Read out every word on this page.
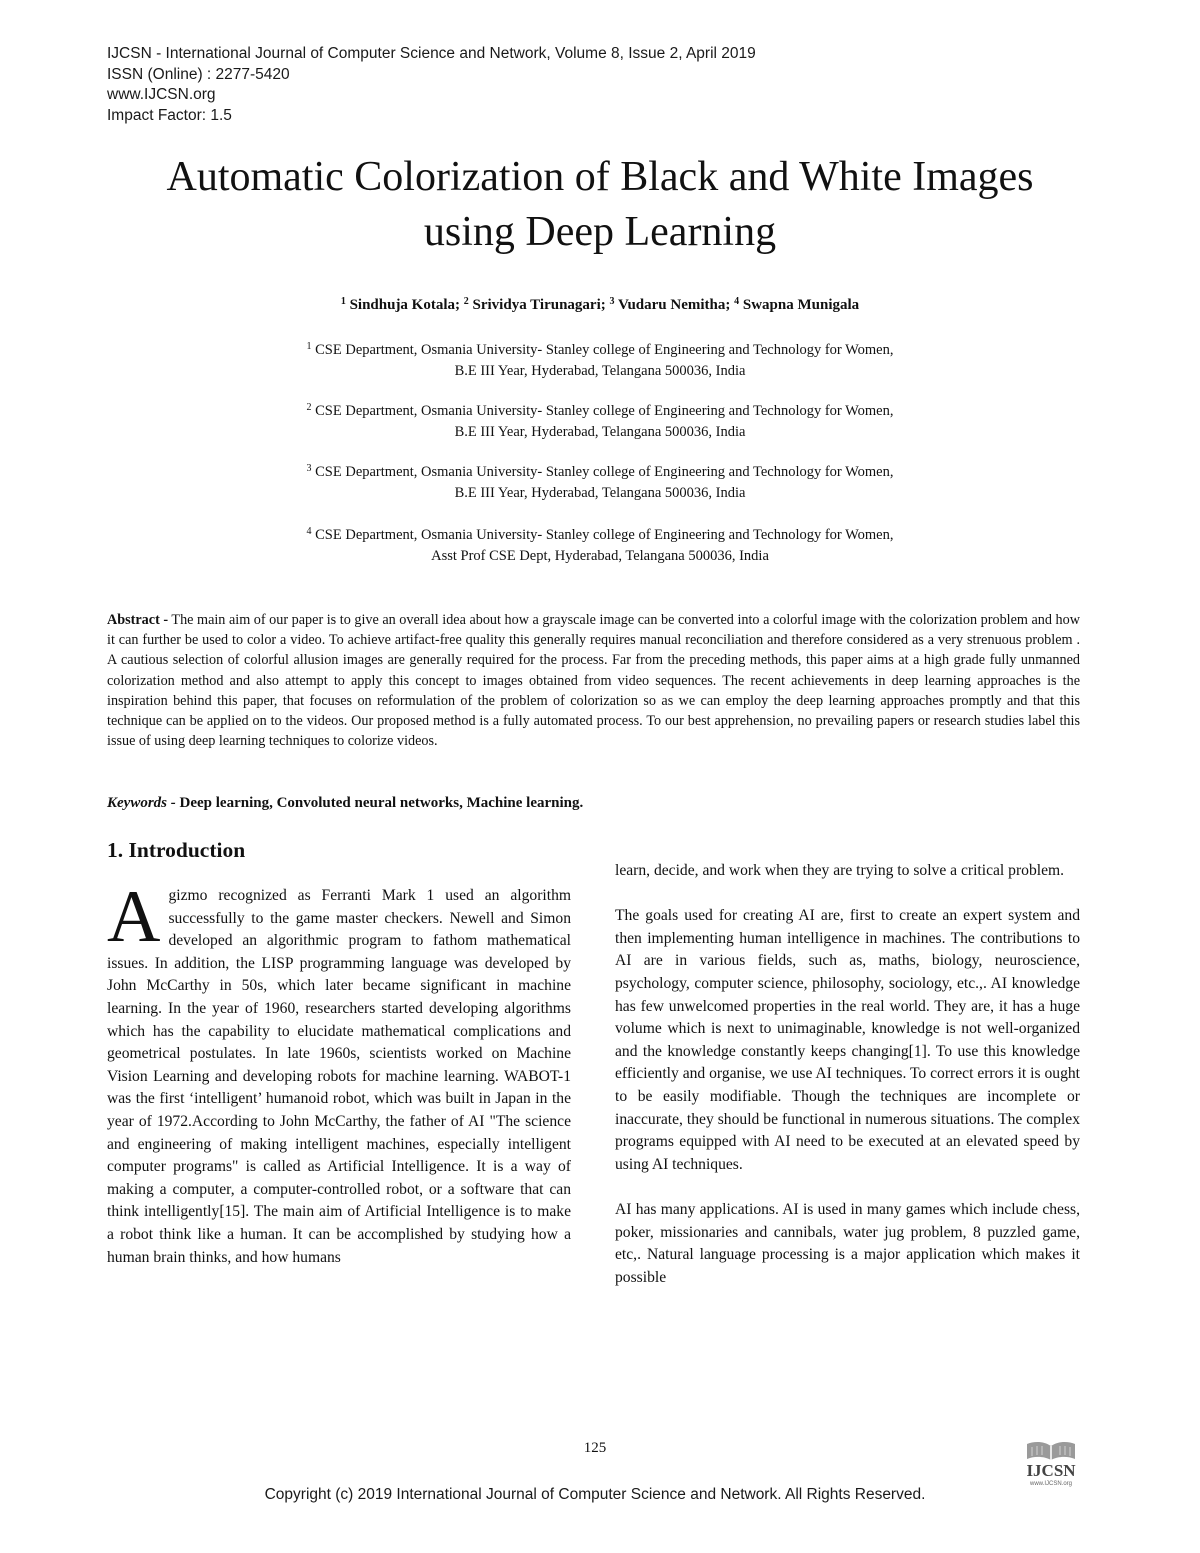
IJCSN - International Journal of Computer Science and Network, Volume 8, Issue 2, April 2019
ISSN (Online) : 2277-5420
www.IJCSN.org
Impact Factor: 1.5
Automatic Colorization of Black and White Images
using Deep Learning
$^1$ Sindhuja Kotala; $^2$ Srividya Tirunagari; $^3$ Vudaru Nemitha; $^4$ Swapna Munigala
$^1$ CSE Department, Osmania University- Stanley college of Engineering and Technology for Women,
B.E III Year, Hyderabad, Telangana 500036, India
$^2$ CSE Department, Osmania University- Stanley college of Engineering and Technology for Women,
B.E III Year, Hyderabad, Telangana 500036, India
$^3$ CSE Department, Osmania University- Stanley college of Engineering and Technology for Women,
B.E III Year, Hyderabad, Telangana 500036, India
$^4$ CSE Department, Osmania University- Stanley college of Engineering and Technology for Women,
Asst Prof CSE Dept, Hyderabad, Telangana 500036, India
Abstract - The main aim of our paper is to give an overall idea about how a grayscale image can be converted into a colorful image with the colorization problem and how it can further be used to color a video. To achieve artifact-free quality this generally requires manual reconciliation and therefore considered as a very strenuous problem . A cautious selection of colorful allusion images are generally required for the process. Far from the preceding methods, this paper aims at a high grade fully unmanned colorization method and also attempt to apply this concept to images obtained from video sequences. The recent achievements in deep learning approaches is the inspiration behind this paper, that focuses on reformulation of the problem of colorization so as we can employ the deep learning approaches promptly and that this technique can be applied on to the videos. Our proposed method is a fully automated process. To our best apprehension, no prevailing papers or research studies label this issue of using deep learning techniques to colorize videos.
Keywords - Deep learning, Convoluted neural networks, Machine learning.
1. Introduction

Agizmo recognized as Ferranti Mark 1 used an algorithm successfully to the game master checkers. Newell and Simon developed an algorithmic program to fathom mathematical issues. In addition, the LISP programming language was developed by John McCarthy in 50s, which later became significant in machine learning. In the year of 1960, researchers started developing algorithms which has the capability to elucidate mathematical complications and geometrical postulates. In late 1960s, scientists worked on Machine Vision Learning and developing robots for machine learning. WABOT-1 was the first ‘intelligent’ humanoid robot, which was built in Japan in the year of 1972.According to John McCarthy, the father of AI "The science and engineering of making intelligent machines, especially intelligent computer programs" is called as Artificial Intelligence. It is a way of making a computer, a computer-controlled robot, or a software that can think intelligently[15]. The main aim of Artificial Intelligence is to make a robot think like a human. It can be accomplished by studying how a human brain thinks, and how humans

learn, decide, and work when they are trying to solve a critical problem.

The goals used for creating AI are, first to create an expert system and then implementing human intelligence in machines. The contributions to AI are in various fields, such as, maths, biology, neuroscience, psychology, computer science, philosophy, sociology, etc.,. AI knowledge has few unwelcomed properties in the real world. They are, it has a huge volume which is next to unimaginable, knowledge is not well-organized and the knowledge constantly keeps changing[1]. To use this knowledge efficiently and organise, we use AI techniques. To correct errors it is ought to be easily modifiable. Though the techniques are incomplete or inaccurate, they should be functional in numerous situations. The complex programs equipped with AI need to be executed at an elevated speed by using AI techniques.

AI has many applications. AI is used in many games which include chess, poker, missionaries and cannibals, water jug problem, 8 puzzled game, etc,. Natural language processing is a major application which makes it possible

125
Copyright (c) 2019 International Journal of Computer Science and Network. All Rights Reserved.
IJCSN
www.IJCSN.org
